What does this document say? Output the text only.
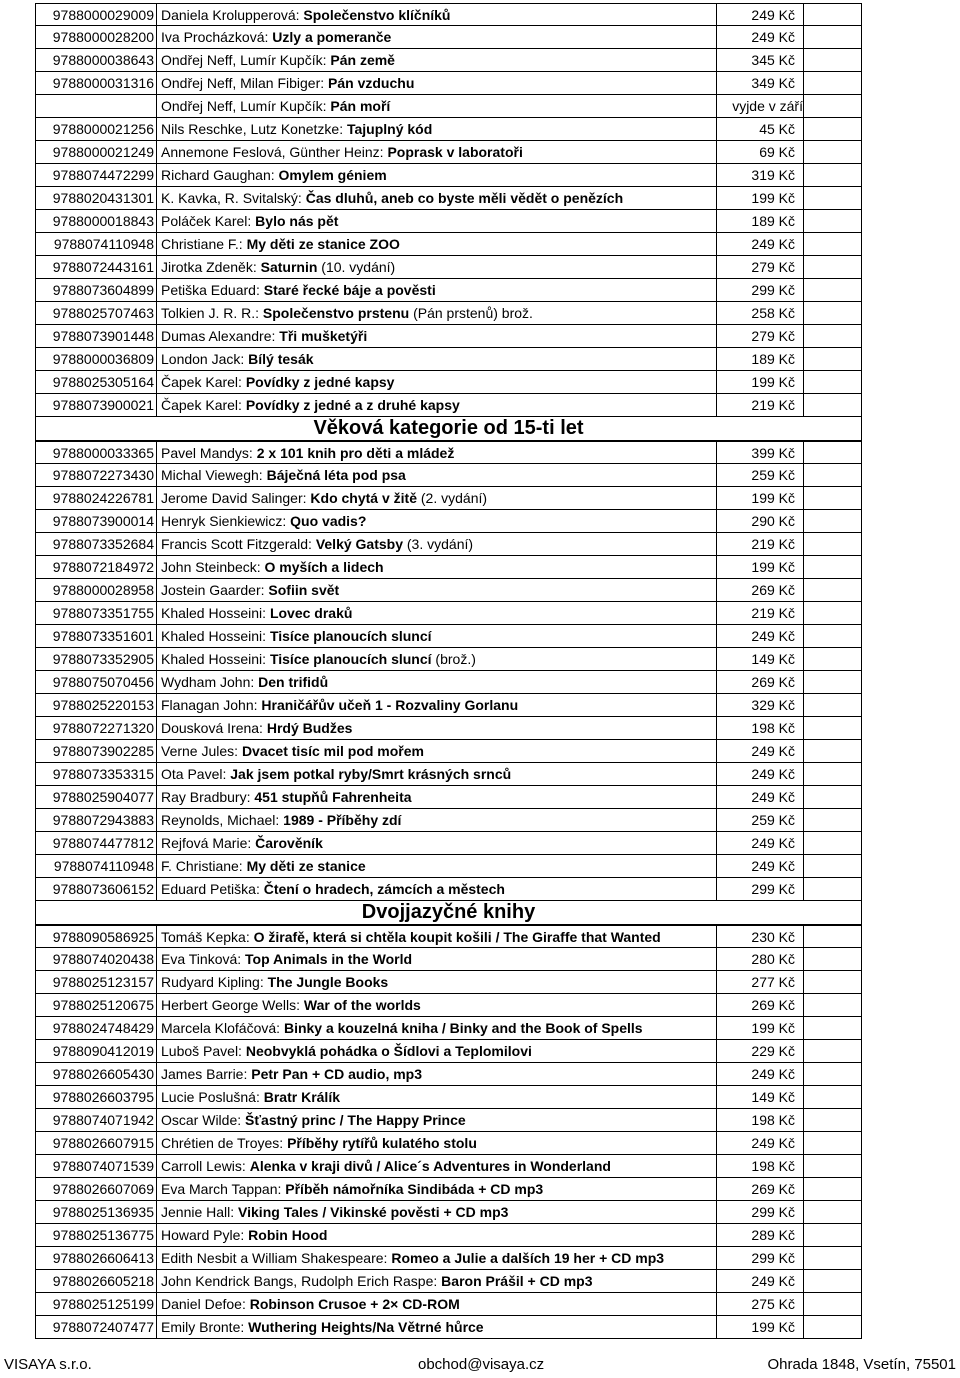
9788000029009 Daniela Krolupperová: Společenstvo klíčníků	249 Kč
9788000028200 Iva Procházková: Uzly a pomeranče	249 Kč
9788000038643 Ondřej Neff, Lumír Kupčík: Pán země	345 Kč
9788000031316 Ondřej Neff, Milan Fibiger: Pán vzduchu	349 Kč
Ondřej Neff, Lumír Kupčík: Pán moří	vyjde v září
9788000021256 Nils Reschke, Lutz Konetzke: Tajuplný kód	45 Kč
9788000021249 Annemone Feslová, Günther Heinz: Poprask v laboratoři	69 Kč
9788074472299 Richard Gaughan: Omylem géniem	319 Kč
9788020431301 K. Kavka, R. Svitalský: Čas dluhů, aneb co byste měli vědět o penězích	199 Kč
9788000018843 Poláček Karel: Bylo nás pět	189 Kč
9788074110948 Christiane F.: My děti ze stanice ZOO	249 Kč
9788072443161 Jirotka Zdeněk: Saturnin (10. vydání)	279 Kč
9788073604899 Petiška Eduard: Staré řecké báje a pověsti	299 Kč
9788025707463 Tolkien J. R. R.: Společenstvo prstenu (Pán prstenů) brož.	258 Kč
9788073901448 Dumas Alexandre: Tři mušketýři	279 Kč
9788000036809 London Jack: Bílý tesák	189 Kč
9788025305164 Čapek Karel: Povídky z jedné kapsy	199 Kč
9788073900021 Čapek Karel: Povídky z jedné a z druhé kapsy	219 Kč
Věková kategorie od 15-ti let
9788000033365 Pavel Mandys: 2 x 101 knih pro děti a mládež	399 Kč
9788072273430 Michal Viewegh: Báječná léta pod psa	259 Kč
9788024226781 Jerome David Salinger: Kdo chytá v žitě (2. vydání)	199 Kč
9788073900014 Henryk Sienkiewicz: Quo vadis?	290 Kč
9788073352684 Francis Scott Fitzgerald: Velký Gatsby (3. vydání)	219 Kč
9788072184972 John Steinbeck: O myších a lidech	199 Kč
9788000028958 Jostein Gaarder: Sofiin svět	269 Kč
9788073351755 Khaled Hosseini: Lovec draků	219 Kč
9788073351601 Khaled Hosseini: Tisíce planoucích sluncí	249 Kč
9788073352905 Khaled Hosseini: Tisíce planoucích sluncí (brož.)	149 Kč
9788075070456 Wydham John: Den trifidů	269 Kč
9788025220153 Flanagan John: Hraničářův učeň 1 - Rozvaliny Gorlanu	329 Kč
9788072271320 Dousková Irena: Hrdý Budžes	198 Kč
9788073902285 Verne Jules: Dvacet tisíc mil pod mořem	249 Kč
9788073353315 Ota Pavel: Jak jsem potkal ryby/Smrt krásných srnců	249 Kč
9788025904077 Ray Bradbury: 451 stupňů Fahrenheita	249 Kč
9788072943883 Reynolds, Michael: 1989 - Příběhy zdí	259 Kč
9788074477812 Rejfová Marie: Čarověník	249 Kč
9788074110948 F. Christiane: My děti ze stanice	249 Kč
9788073606152 Eduard Petiška: Čtení o hradech, zámcích a městech	299 Kč
Dvojjazyčné knihy
9788090586925 Tomáš Kepka: O žirafě, která si chtěla koupit košili / The Giraffe that Wanted	230 Kč
9788074020438 Eva Tinková: Top Animals in the World	280 Kč
9788025123157 Rudyard Kipling: The Jungle Books	277 Kč
9788025120675 Herbert George Wells: War of the worlds	269 Kč
9788024748429 Marcela Klofáčová: Binky a kouzelná kniha / Binky and the Book of Spells	199 Kč
9788090412019 Luboš Pavel: Neobvyklá pohádka o Šídlovi a Teplomilovi	229 Kč
9788026605430 James Barrie: Petr Pan + CD audio, mp3	249 Kč
9788026603795 Lucie Poslušná: Bratr Králík	149 Kč
9788074071942 Oscar Wilde: Šťastný princ / The Happy Prince	198 Kč
9788026607915 Chrétien de Troyes: Příběhy rytířů kulatého stolu	249 Kč
9788074071539 Carroll Lewis: Alenka v kraji divů / Alice´s Adventures in Wonderland	198 Kč
9788026607069 Eva March Tappan: Příběh námořníka Sindibáda + CD mp3	269 Kč
9788025136935 Jennie Hall: Viking Tales / Vikinské pověsti + CD mp3	299 Kč
9788025136775 Howard Pyle: Robin Hood	289 Kč
9788026606413 Edith Nesbit a William Shakespeare: Romeo a Julie a dalších 19 her + CD mp3	299 Kč
9788026605218 John Kendrick Bangs, Rudolph Erich Raspe: Baron Prášil + CD mp3	249 Kč
9788025125199 Daniel Defoe: Robinson Crusoe + 2× CD-ROM	275 Kč
9788072407477 Emily Bronte: Wuthering Heights/Na Větrné hůrce	199 Kč
VISAYA s.r.o.	obchod@visaya.cz	Ohrada 1848, Vsetín, 75501
